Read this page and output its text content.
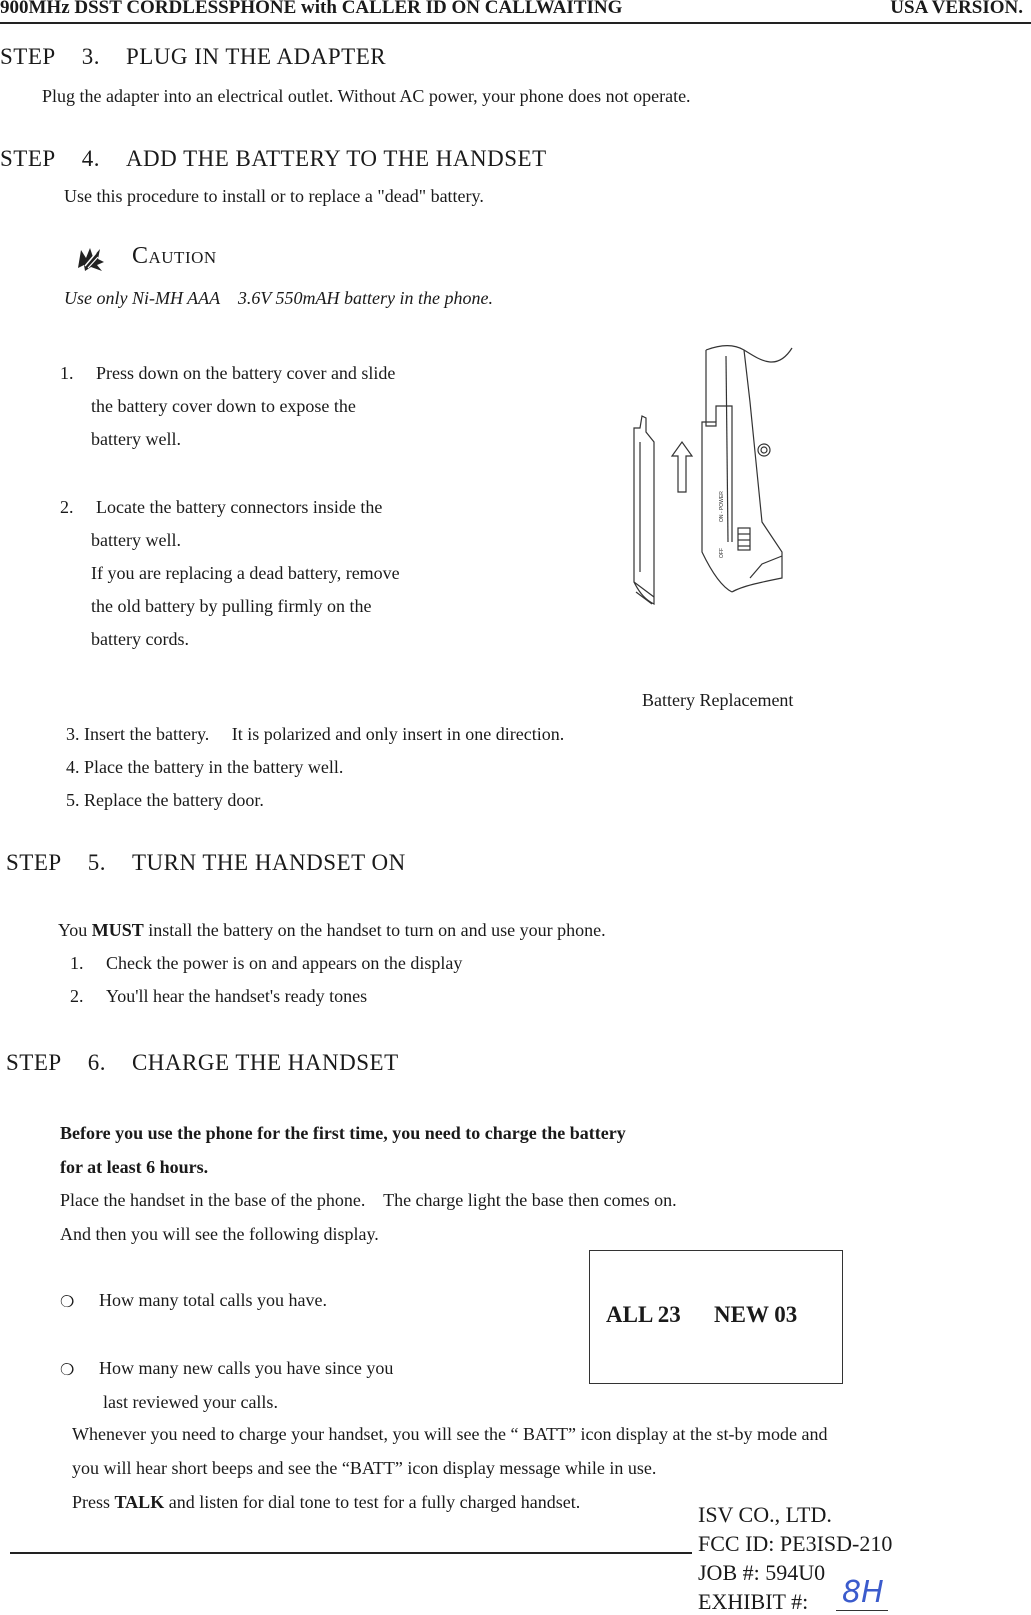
900MHz DSST CORDLESSPHONE with CALLER ID ON CALLWAITING	USA VERSION.
STEP 3. PLUG IN THE ADAPTER
Plug the adapter into an electrical outlet. Without AC power, your phone does not operate.
STEP 4. ADD THE BATTERY TO THE HANDSET
Use this procedure to install or to replace a "dead" battery.
Caution
Use only Ni-MH AAA    3.6V 550mAH battery in the phone.
1. Press down on the battery cover and slide
the battery cover down to expose the
battery well.
2. Locate the battery connectors inside the
battery well.
If you are replacing a dead battery, remove
the old battery by pulling firmly on the
battery cords.
OFF
ON - POWER
Battery Replacement
3. Insert the battery.     It is polarized and only insert in one direction.
4. Place the battery in the battery well.
5. Replace the battery door.
STEP 5. TURN THE HANDSET ON
You MUST install the battery on the handset to turn on and use your phone.
1. Check the power is on and appears on the display
2. You'll hear the handset's ready tones
STEP 6. CHARGE THE HANDSET
Before you use the phone for the first time, you need to charge the battery
for at least 6 hours.
Place the handset in the base of the phone.    The charge light the base then comes on.
And then you will see the following display.
❍ How many total calls you have.
❍ How many new calls you have since you
last reviewed your calls.
ALL 23 NEW 03
Whenever you need to charge your handset, you will see the “ BATT” icon display at the st-by mode and
you will hear short beeps and see the “BATT” icon display message while in use.
Press TALK and listen for dial tone to test for a fully charged handset.	ISV CO., LTD.
FCC ID: PE3ISD-210
JOB #: 594U0
EXHIBIT #: 8H
